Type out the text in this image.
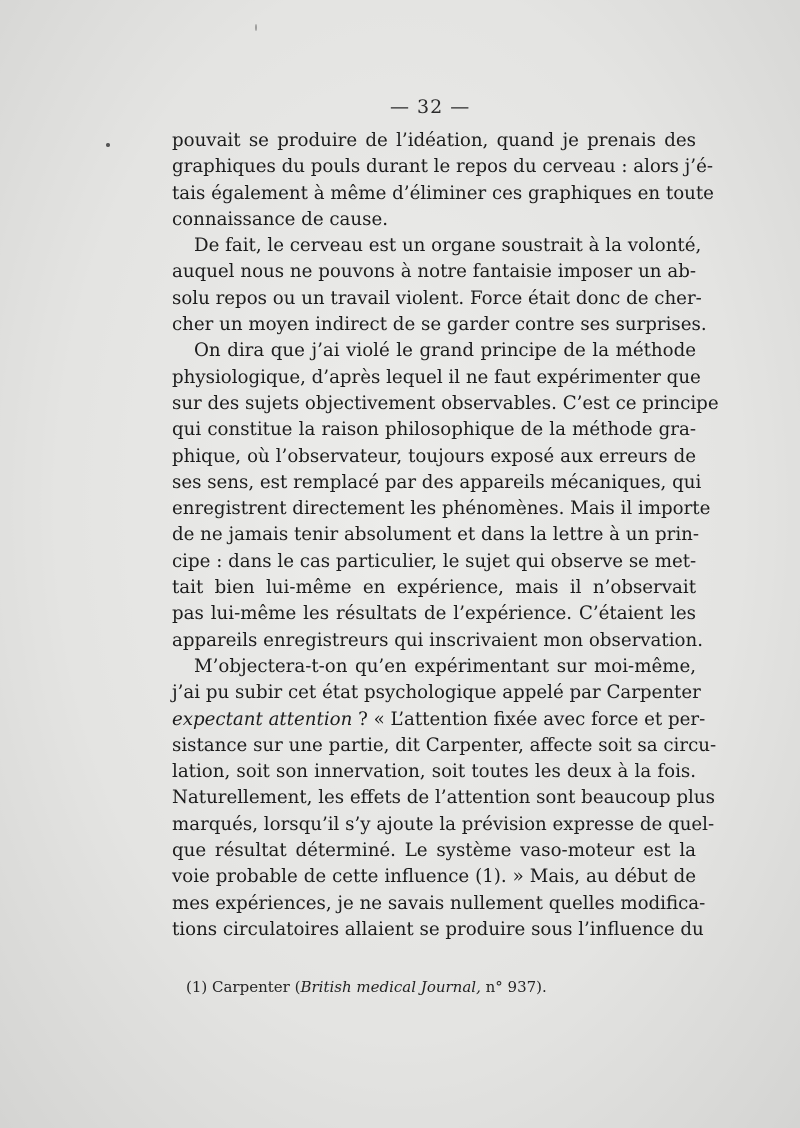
— 32 —
pouvait se produire de l’idéation, quand je prenais des
graphiques du pouls durant le repos du cerveau : alors j’é-
tais également à même d’éliminer ces graphiques en toute
connaissance de cause.
De fait, le cerveau est un organe soustrait à la volonté,
auquel nous ne pouvons à notre fantaisie imposer un ab-
solu repos ou un travail violent. Force était donc de cher-
cher un moyen indirect de se garder contre ses surprises.
On dira que j’ai violé le grand principe de la méthode
physiologique, d’après lequel il ne faut expérimenter que
sur des sujets objectivement observables. C’est ce principe
qui constitue la raison philosophique de la méthode gra-
phique, où l’observateur, toujours exposé aux erreurs de
ses sens, est remplacé par des appareils mécaniques, qui
enregistrent directement les phénomènes. Mais il importe
de ne jamais tenir absolument et dans la lettre à un prin-
cipe : dans le cas particulier, le sujet qui observe se met-
tait bien lui-même en expérience, mais il n’observait
pas lui-même les résultats de l’expérience. C’étaient les
appareils enregistreurs qui inscrivaient mon observation.
M’objectera-t-on qu’en expérimentant sur moi-même,
j’ai pu subir cet état psychologique appelé par Carpenter
expectant attention ? « L’attention fixée avec force et per-
sistance sur une partie, dit Carpenter, affecte soit sa circu-
lation, soit son innervation, soit toutes les deux à la fois.
Naturellement, les effets de l’attention sont beaucoup plus
marqués, lorsqu’il s’y ajoute la prévision expresse de quel-
que résultat déterminé. Le système vaso-moteur est la
voie probable de cette influence (1). » Mais, au début de
mes expériences, je ne savais nullement quelles modifica-
tions circulatoires allaient se produire sous l’influence du
(1) Carpenter (British medical Journal, n° 937).
